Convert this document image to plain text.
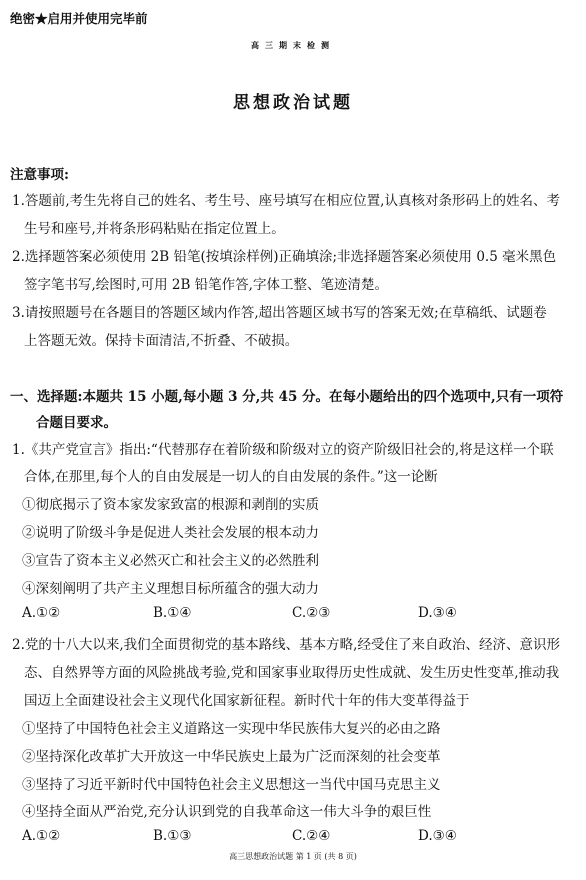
绝密★启用并使用完毕前
高三期末检测
思想政治试题
注意事项:
1.答题前,考生先将自己的姓名、考生号、座号填写在相应位置,认真核对条形码上的姓名、考
生号和座号,并将条形码粘贴在指定位置上。
2.选择题答案必须使用 2B 铅笔(按填涂样例)正确填涂;非选择题答案必须使用 0.5 毫米黑色
签字笔书写,绘图时,可用 2B 铅笔作答,字体工整、笔迹清楚。
3.请按照题号在各题目的答题区域内作答,超出答题区域书写的答案无效;在草稿纸、试题卷
上答题无效。保持卡面清洁,不折叠、不破损。
一、选择题:本题共 15 小题,每小题 3 分,共 45 分。在每小题给出的四个选项中,只有一项符
合题目要求。
1.《共产党宣言》指出:“代替那存在着阶级和阶级对立的资产阶级旧社会的,将是这样一个联
合体,在那里,每个人的自由发展是一切人的自由发展的条件。”这一论断
①彻底揭示了资本家发家致富的根源和剥削的实质
②说明了阶级斗争是促进人类社会发展的根本动力
③宣告了资本主义必然灭亡和社会主义的必然胜利
④深刻阐明了共产主义理想目标所蕴含的强大动力
A.①②	B.①④	C.②③	D.③④
2.党的十八大以来,我们全面贯彻党的基本路线、基本方略,经受住了来自政治、经济、意识形
态、自然界等方面的风险挑战考验,党和国家事业取得历史性成就、发生历史性变革,推动我
国迈上全面建设社会主义现代化国家新征程。新时代十年的伟大变革得益于
①坚持了中国特色社会主义道路这一实现中华民族伟大复兴的必由之路
②坚持深化改革扩大开放这一中华民族史上最为广泛而深刻的社会变革
③坚持了习近平新时代中国特色社会主义思想这一当代中国马克思主义
④坚持全面从严治党,充分认识到党的自我革命这一伟大斗争的艰巨性
A.①②	B.①③	C.②④	D.③④
高三思想政治试题 第 1 页 (共 8 页)
